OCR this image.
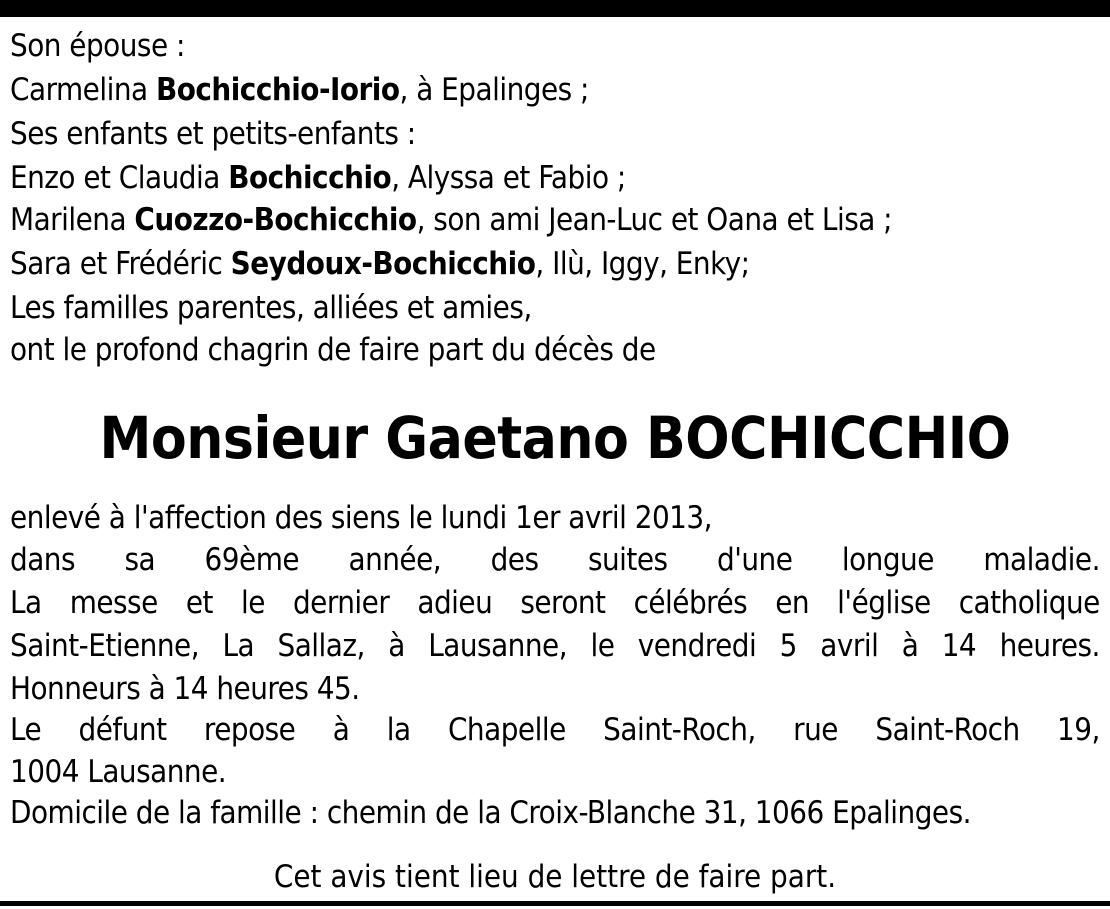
Son épouse :
Carmelina Bochicchio-Iorio, à Epalinges ;
Ses enfants et petits-enfants :
Enzo et Claudia Bochicchio, Alyssa et Fabio ;
Marilena Cuozzo-Bochicchio, son ami Jean-Luc et Oana et Lisa ;
Sara et Frédéric Seydoux-Bochicchio, Ilù, Iggy, Enky;
Les familles parentes, alliées et amies,
ont le profond chagrin de faire part du décès de
Monsieur Gaetano BOCHICCHIO
enlevé à l'affection des siens le lundi 1er avril 2013,
dans sa 69ème année, des suites d'une longue maladie.
La messe et le dernier adieu seront célébrés en l'église catholique
Saint-Etienne, La Sallaz, à Lausanne, le vendredi 5 avril à 14 heures.
Honneurs à 14 heures 45.
Le défunt repose à la Chapelle Saint-Roch, rue Saint-Roch 19,
1004 Lausanne.
Domicile de la famille : chemin de la Croix-Blanche 31, 1066 Epalinges.
Cet avis tient lieu de lettre de faire part.
